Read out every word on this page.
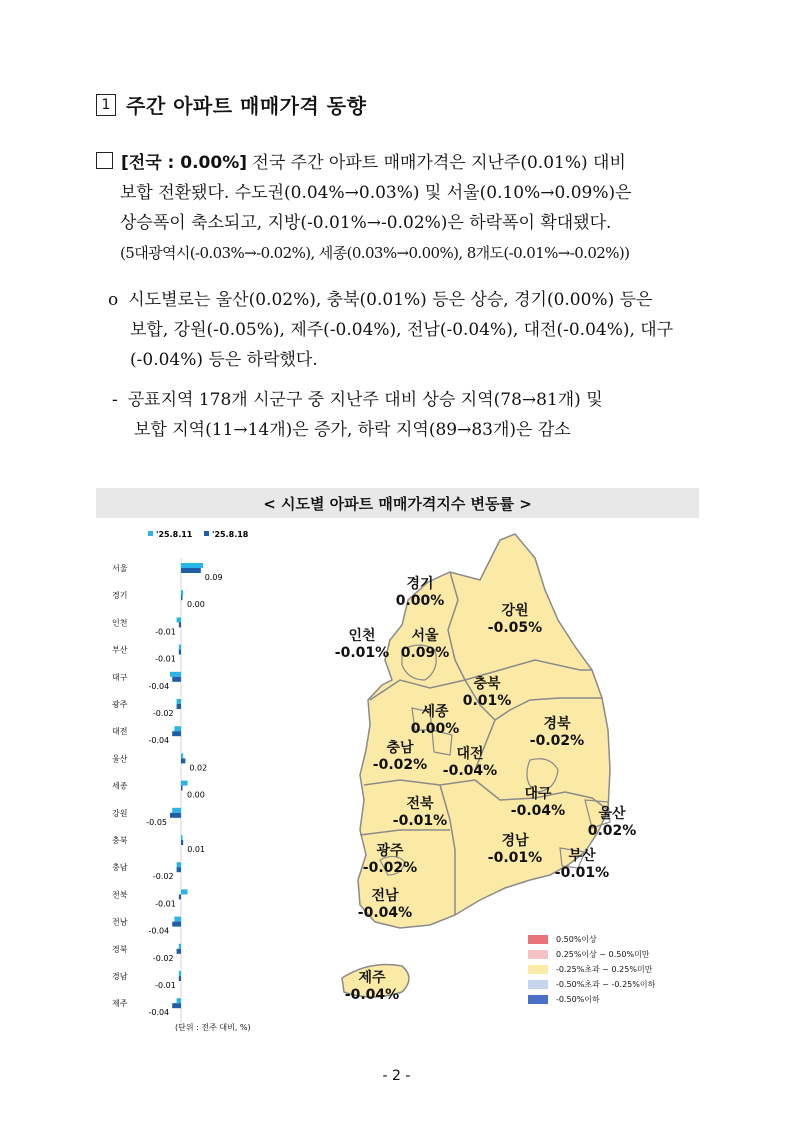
1 주간 아파트 매매가격 동향

[전국 : 0.00%] 전국 주간 아파트 매매가격은 지난주(0.01%) 대비

보합 전환됐다. 수도권(0.04%→0.03%) 및 서울(0.10%→0.09%)은

상승폭이 축소되고, 지방(-0.01%→-0.02%)은 하락폭이 확대됐다.

(5대광역시(-0.03%→-0.02%), 세종(0.03%→0.00%), 8개도(-0.01%→-0.02%))

o 시도별로는 울산(0.02%), 충북(0.01%) 등은 상승, 경기(0.00%) 등은

보합, 강원(-0.05%), 제주(-0.04%), 전남(-0.04%), 대전(-0.04%), 대구

(-0.04%) 등은 하락했다.

- 공표지역 178개 시군구 중 지난주 대비 상승 지역(78→81개) 및

보합 지역(11→14개)은 증가, 하락 지역(89→83개)은 감소

< 시도별 아파트 매매가격지수 변동률 >
'25.8.11 '25.8.18
서울
0.09
경기
0.00
인천
-0.01
부산
-0.01
대구
-0.04
광주
-0.02
대전
-0.04
울산
0.02
세종
0.00
강원
-0.05
충북
0.01
충남
-0.02
전북
-0.01
전남
-0.04
경북
-0.02
경남
-0.01
제주
-0.04
(단위 : 전주 대비, %)
경기
0.00%
강원
-0.05%
인천
-0.01%
서울
0.09%
충북
0.01%
세종
0.00%	경북
-0.02%
충남
-0.02%
대전
-0.04%
대구
-0.04% 울산
0.02%
전북
-0.01%
광주
-0.02%
경남
-0.01% 부산
-0.01%
전남
-0.04%
제주
-0.04%
0.50%이상
0.25%이상 ~ 0.50%미만
-0.25%초과 ~ 0.25%미만
-0.50%초과 ~ -0.25%이하
-0.50%이하
- 2 -
